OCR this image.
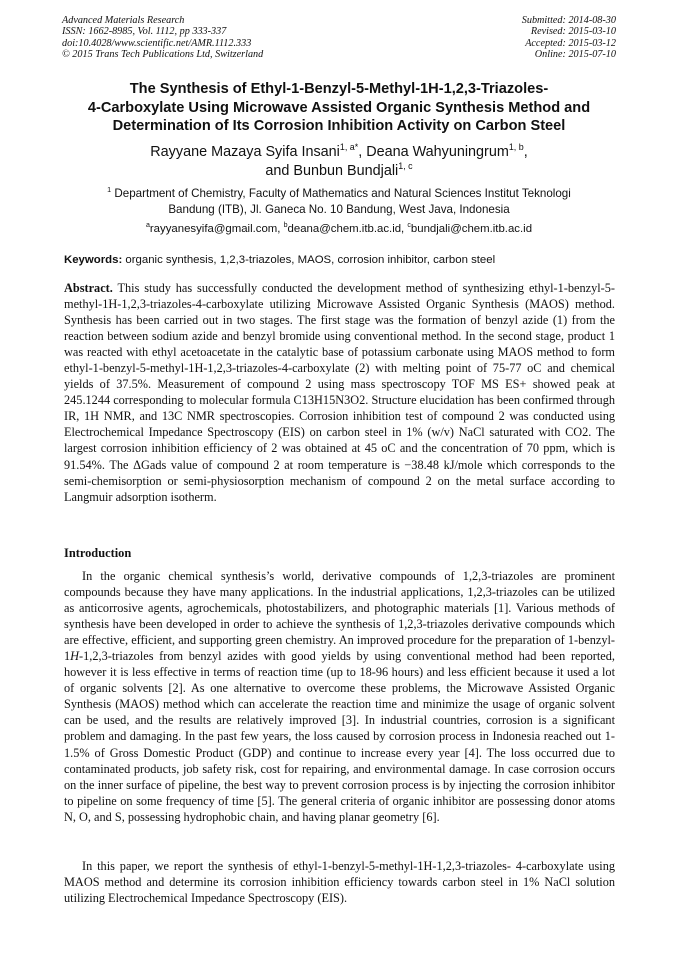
Advanced Materials Research
ISSN: 1662-8985, Vol. 1112, pp 333-337
doi:10.4028/www.scientific.net/AMR.1112.333
© 2015 Trans Tech Publications Ltd, Switzerland
Submitted: 2014-08-30
Revised: 2015-03-10
Accepted: 2015-03-12
Online: 2015-07-10
The Synthesis of Ethyl-1-Benzyl-5-Methyl-1H-1,2,3-Triazoles-
4-Carboxylate Using Microwave Assisted Organic Synthesis Method and
Determination of Its Corrosion Inhibition Activity on Carbon Steel
Rayyane Mazaya Syifa Insani$^{1, a*}$, Deana Wahyuningrum$^{1, b}$,
and Bunbun Bundjali$^{1, c}$
$^1$ Department of Chemistry, Faculty of Mathematics and Natural Sciences Institut Teknologi
Bandung (ITB), Jl. Ganeca No. 10 Bandung, West Java, Indonesia
$^a$rayyanesyifa@gmail.com, $^b$deana@chem.itb.ac.id, $^c$bundjali@chem.itb.ac.id
Keywords: organic synthesis, 1,2,3-triazoles, MAOS, corrosion inhibitor, carbon steel
Abstract. This study has successfully conducted the development method of synthesizing ethyl-1-benzyl-5-methyl-1H-1,2,3-triazoles-4-carboxylate utilizing Microwave Assisted Organic Synthesis (MAOS) method. Synthesis has been carried out in two stages. The first stage was the formation of benzyl azide (1) from the reaction between sodium azide and benzyl bromide using conventional method. In the second stage, product 1 was reacted with ethyl acetoacetate in the catalytic base of potassium carbonate using MAOS method to form ethyl-1-benzyl-5-methyl-1H-1,2,3-triazoles-4-carboxylate (2) with melting point of 75-77 oC and chemical yields of 37.5%. Measurement of compound 2 using mass spectroscopy TOF MS ES+ showed peak at 245.1244 corresponding to molecular formula C13H15N3O2. Structure elucidation has been confirmed through IR, 1H NMR, and 13C NMR spectroscopies. Corrosion inhibition test of compound 2 was conducted using Electrochemical Impedance Spectroscopy (EIS) on carbon steel in 1% (w/v) NaCl saturated with CO2. The largest corrosion inhibition efficiency of 2 was obtained at 45 oC and the concentration of 70 ppm, which is 91.54%. The ΔGads value of compound 2 at room temperature is −38.48 kJ/mole which corresponds to the semi-chemisorption or semi-physiosorption mechanism of compound 2 on the metal surface according to Langmuir adsorption isotherm.
Introduction
In the organic chemical synthesis’s world, derivative compounds of 1,2,3-triazoles are prominent compounds because they have many applications. In the industrial applications, 1,2,3-triazoles can be utilized as anticorrosive agents, agrochemicals, photostabilizers, and photographic materials [1]. Various methods of synthesis have been developed in order to achieve the synthesis of 1,2,3-triazoles derivative compounds which are effective, efficient, and supporting green chemistry. An improved procedure for the preparation of 1-benzyl-1H-1,2,3-triazoles from benzyl azides with good yields by using conventional method had been reported, however it is less effective in terms of reaction time (up to 18-96 hours) and less efficient because it used a lot of organic solvents [2]. As one alternative to overcome these problems, the Microwave Assisted Organic Synthesis (MAOS) method which can accelerate the reaction time and minimize the usage of organic solvent can be used, and the results are relatively improved [3]. In industrial countries, corrosion is a significant problem and damaging. In the past few years, the loss caused by corrosion process in Indonesia reached out 1-1.5% of Gross Domestic Product (GDP) and continue to increase every year [4]. The loss occurred due to contaminated products, job safety risk, cost for repairing, and environmental damage. In case corrosion occurs on the inner surface of pipeline, the best way to prevent corrosion process is by injecting the corrosion inhibitor to pipeline on some frequency of time [5]. The general criteria of organic inhibitor are possessing donor atoms N, O, and S, possessing hydrophobic chain, and having planar geometry [6].
In this paper, we report the synthesis of ethyl-1-benzyl-5-methyl-1H-1,2,3-triazoles- 4-carboxylate using MAOS method and determine its corrosion inhibition efficiency towards carbon steel in 1% NaCl solution utilizing Electrochemical Impedance Spectroscopy (EIS).
